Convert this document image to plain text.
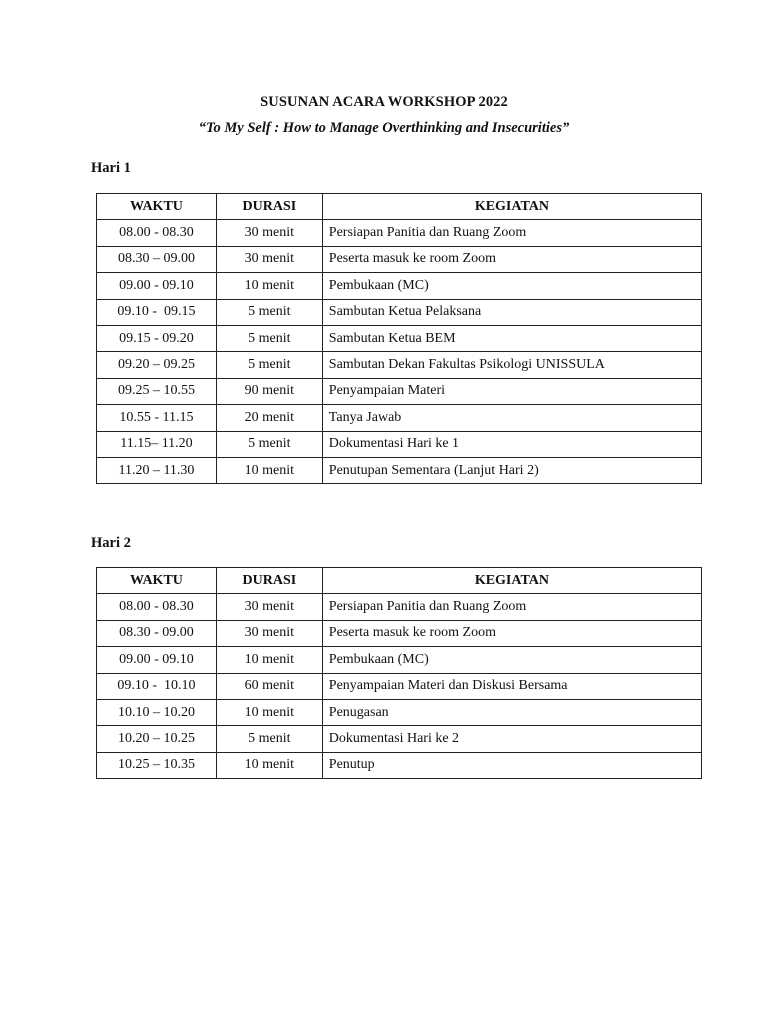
SUSUNAN ACARA WORKSHOP 2022
“To My Self : How to Manage Overthinking and Insecurities”
Hari 1
WAKTU	DURASI	KEGIATAN
08.00 - 08.30	30 menit	Persiapan Panitia dan Ruang Zoom
08.30 – 09.00	30 menit	Peserta masuk ke room Zoom
09.00 - 09.10	10 menit	Pembukaan (MC)
09.10 -  09.15	5 menit	Sambutan Ketua Pelaksana
09.15 - 09.20	5 menit	Sambutan Ketua BEM
09.20 – 09.25	5 menit	Sambutan Dekan Fakultas Psikologi UNISSULA
09.25 – 10.55	90 menit	Penyampaian Materi
10.55 - 11.15	20 menit	Tanya Jawab
11.15– 11.20	5 menit	Dokumentasi Hari ke 1
11.20 – 11.30	10 menit	Penutupan Sementara (Lanjut Hari 2)
Hari 2
WAKTU	DURASI	KEGIATAN
08.00 - 08.30	30 menit	Persiapan Panitia dan Ruang Zoom
08.30 - 09.00	30 menit	Peserta masuk ke room Zoom
09.00 - 09.10	10 menit	Pembukaan (MC)
09.10 -  10.10	60 menit	Penyampaian Materi dan Diskusi Bersama
10.10 – 10.20	10 menit	Penugasan
10.20 – 10.25	5 menit	Dokumentasi Hari ke 2
10.25 – 10.35	10 menit	Penutup
